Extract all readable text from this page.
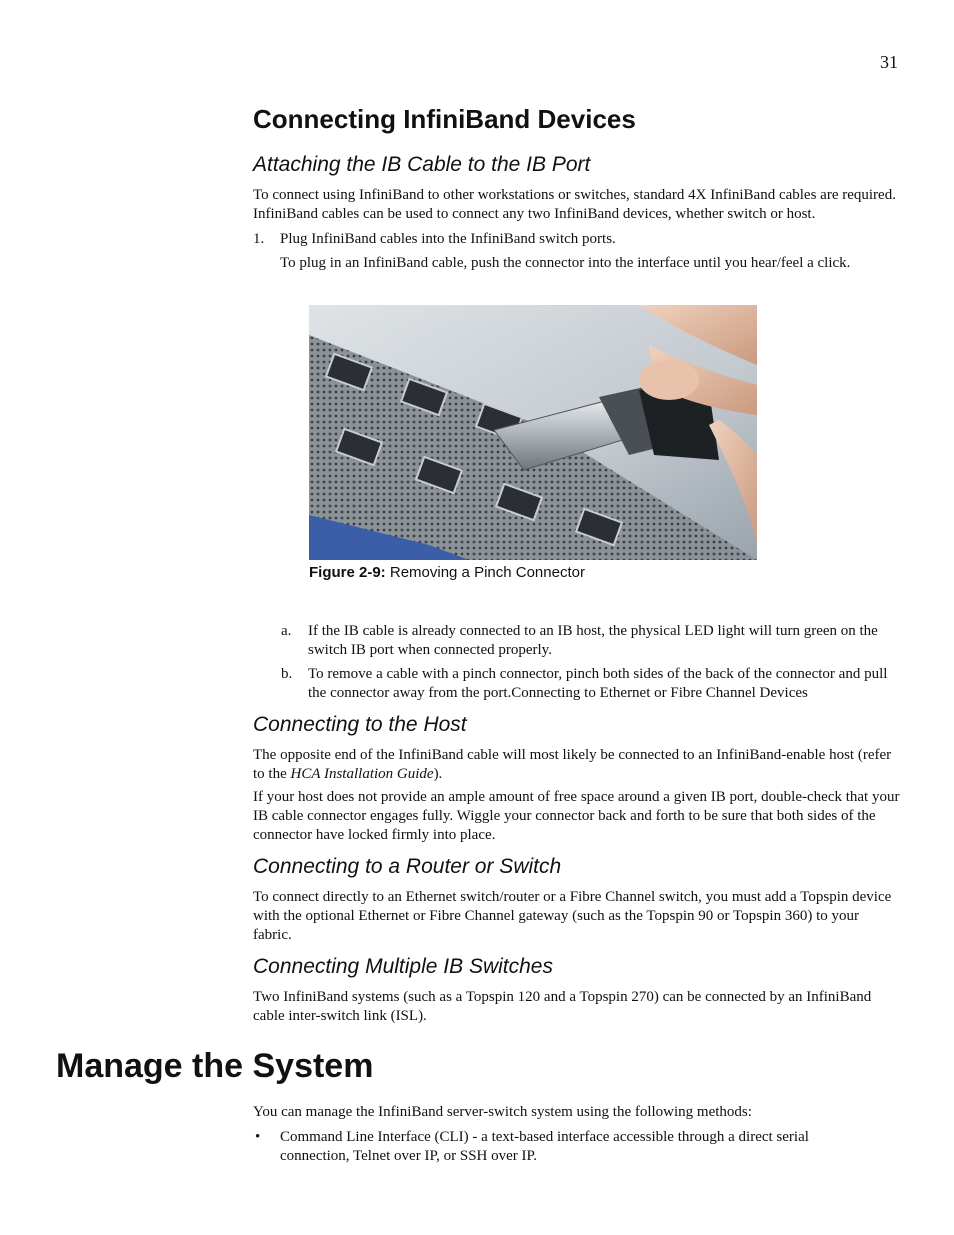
31
Connecting InfiniBand Devices
Attaching the IB Cable to the IB Port
To connect using InfiniBand to other workstations or switches, standard 4X InfiniBand cables are required. InfiniBand cables can be used to connect any two InfiniBand devices, whether switch or host.
1. Plug InfiniBand cables into the InfiniBand switch ports.
To plug in an InfiniBand cable, push the connector into the interface until you hear/feel a click.
Figure 2-9: Removing a Pinch Connector
a. If the IB cable is already connected to an IB host, the physical LED light will turn green on the switch IB port when connected properly.
b. To remove a cable with a pinch connector, pinch both sides of the back of the connector and pull the connector away from the port.Connecting to Ethernet or Fibre Channel Devices
Connecting to the Host
The opposite end of the InfiniBand cable will most likely be connected to an InfiniBand-enable host (refer to the HCA Installation Guide).
If your host does not provide an ample amount of free space around a given IB port, double-check that your IB cable connector engages fully. Wiggle your connector back and forth to be sure that both sides of the connector have locked firmly into place.
Connecting to a Router or Switch
To connect directly to an Ethernet switch/router or a Fibre Channel switch, you must add a Topspin device with the optional Ethernet or Fibre Channel gateway (such as the Topspin 90 or Topspin 360) to your fabric.
Connecting Multiple IB Switches
Two InfiniBand systems (such as a Topspin 120 and a Topspin 270) can be connected by an InfiniBand cable inter-switch link (ISL).
Manage the System
You can manage the InfiniBand server-switch system using the following methods:
• Command Line Interface (CLI) - a text-based interface accessible through a direct serial connection, Telnet over IP, or SSH over IP.
